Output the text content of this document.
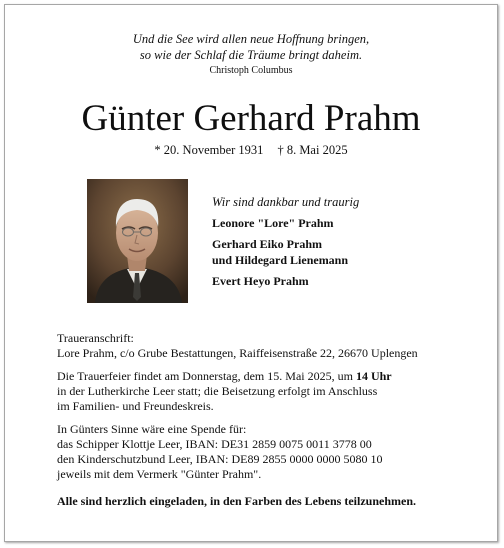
Und die See wird allen neue Hoffnung bringen,
so wie der Schlaf die Träume bringt daheim.
Christoph Columbus
Günter Gerhard Prahm
* 20. November 1931 † 8. Mai 2025
Wir sind dankbar und traurig
Leonore "Lore" Prahm
Gerhard Eiko Prahm
und Hildegard Lienemann
Evert Heyo Prahm
Traueranschrift:
Lore Prahm, c/o Grube Bestattungen, Raiffeisenstraße 22, 26670 Uplengen
Die Trauerfeier findet am Donnerstag, dem 15. Mai 2025, um 14 Uhr
in der Lutherkirche Leer statt; die Beisetzung erfolgt im Anschluss
im Familien- und Freundeskreis.
In Günters Sinne wäre eine Spende für:
das Schipper Klottje Leer, IBAN: DE31 2859 0075 0011 3778 00
den Kinderschutzbund Leer, IBAN: DE89 2855 0000 0000 5080 10
jeweils mit dem Vermerk "Günter Prahm".
Alle sind herzlich eingeladen, in den Farben des Lebens teilzunehmen.
